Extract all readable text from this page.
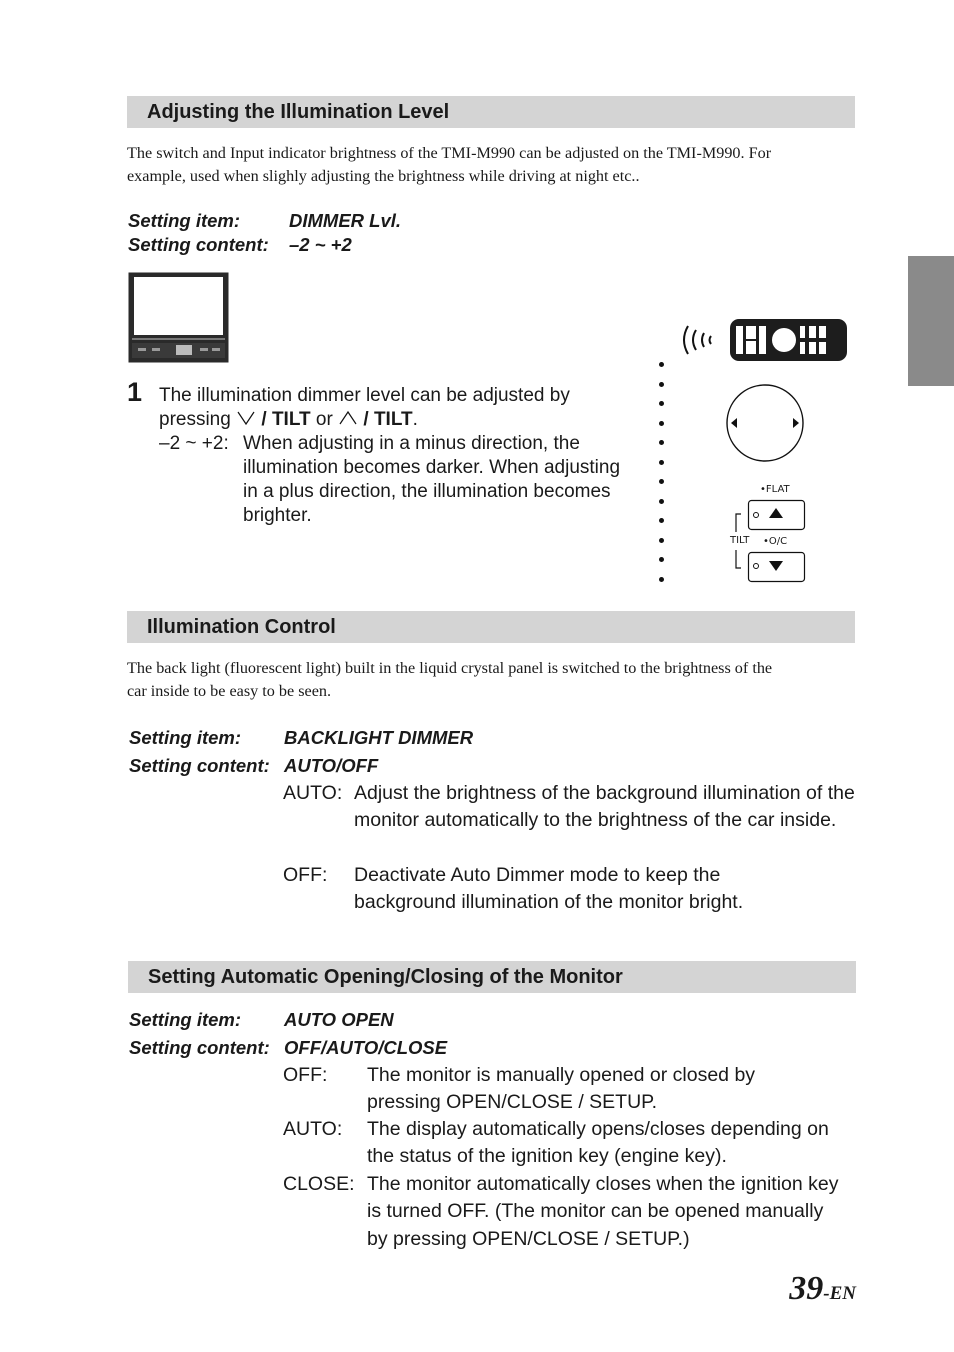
Adjusting the Illumination Level
The switch and Input indicator brightness of the TMI-M990 can be adjusted on the TMI-M990. For
example, used when slighly adjusting the brightness while driving at night etc..
Setting item:	DIMMER Lvl.
Setting content: –2 ~ +2
1 The illumination dimmer level can be adjusted by
pressing / TILT or / TILT.
–2 ~ +2: When adjusting in a minus direction, the illumination becomes darker. When adjusting in a plus direction, the illumination becomes brighter.
•FLAT
TILT •O/C
Illumination Control
The back light (fluorescent light) built in the liquid crystal panel is switched to the brightness of the
car inside to be easy to be seen.
Setting item: BACKLIGHT DIMMER
Setting content: AUTO/OFF
AUTO: Adjust the brightness of the background illumination of the monitor automatically to the brightness of the car inside.
OFF: Deactivate Auto Dimmer mode to keep the background illumination of the monitor bright.
Setting Automatic Opening/Closing of the Monitor
Setting item: AUTO OPEN
Setting content: OFF/AUTO/CLOSE
OFF: The monitor is manually opened or closed by pressing OPEN/CLOSE / SETUP.
AUTO: The display automatically opens/closes depending on the status of the ignition key (engine key).
CLOSE: The monitor automatically closes when the ignition key is turned OFF. (The monitor can be opened manually by pressing OPEN/CLOSE / SETUP.)
39-EN
